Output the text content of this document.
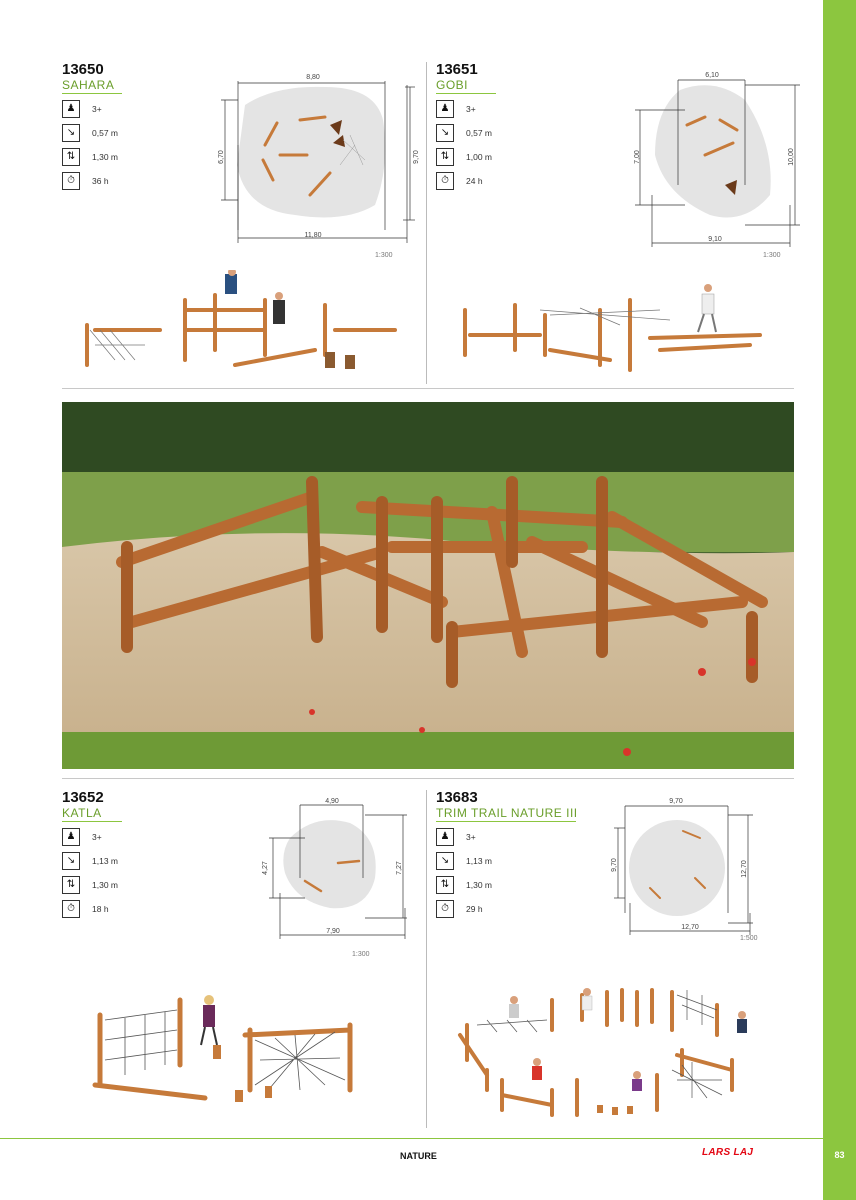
83
13650
SAHARA
♟	3+
↘	0,57 m
⇅	1,30 m
⏱	36 h
8,80
11,80
6,70	9,70
1:300
13651
GOBI
♟	3+
↘	0,57 m
⇅	1,00 m
⏱	24 h
6,10
9,10
7,00	10,00
1:300
13652
KATLA
♟	3+
↘	1,13 m
⇅	1,30 m
⏱	18 h
4,90
7,90
4,27	7,27
1:300
13683
TRIM TRAIL NATURE III
♟	3+
↘	1,13 m
⇅	1,30 m
⏱	29 h
9,70
12,70
9,70	12,70
1:500
NATURE	LARS LAJ
